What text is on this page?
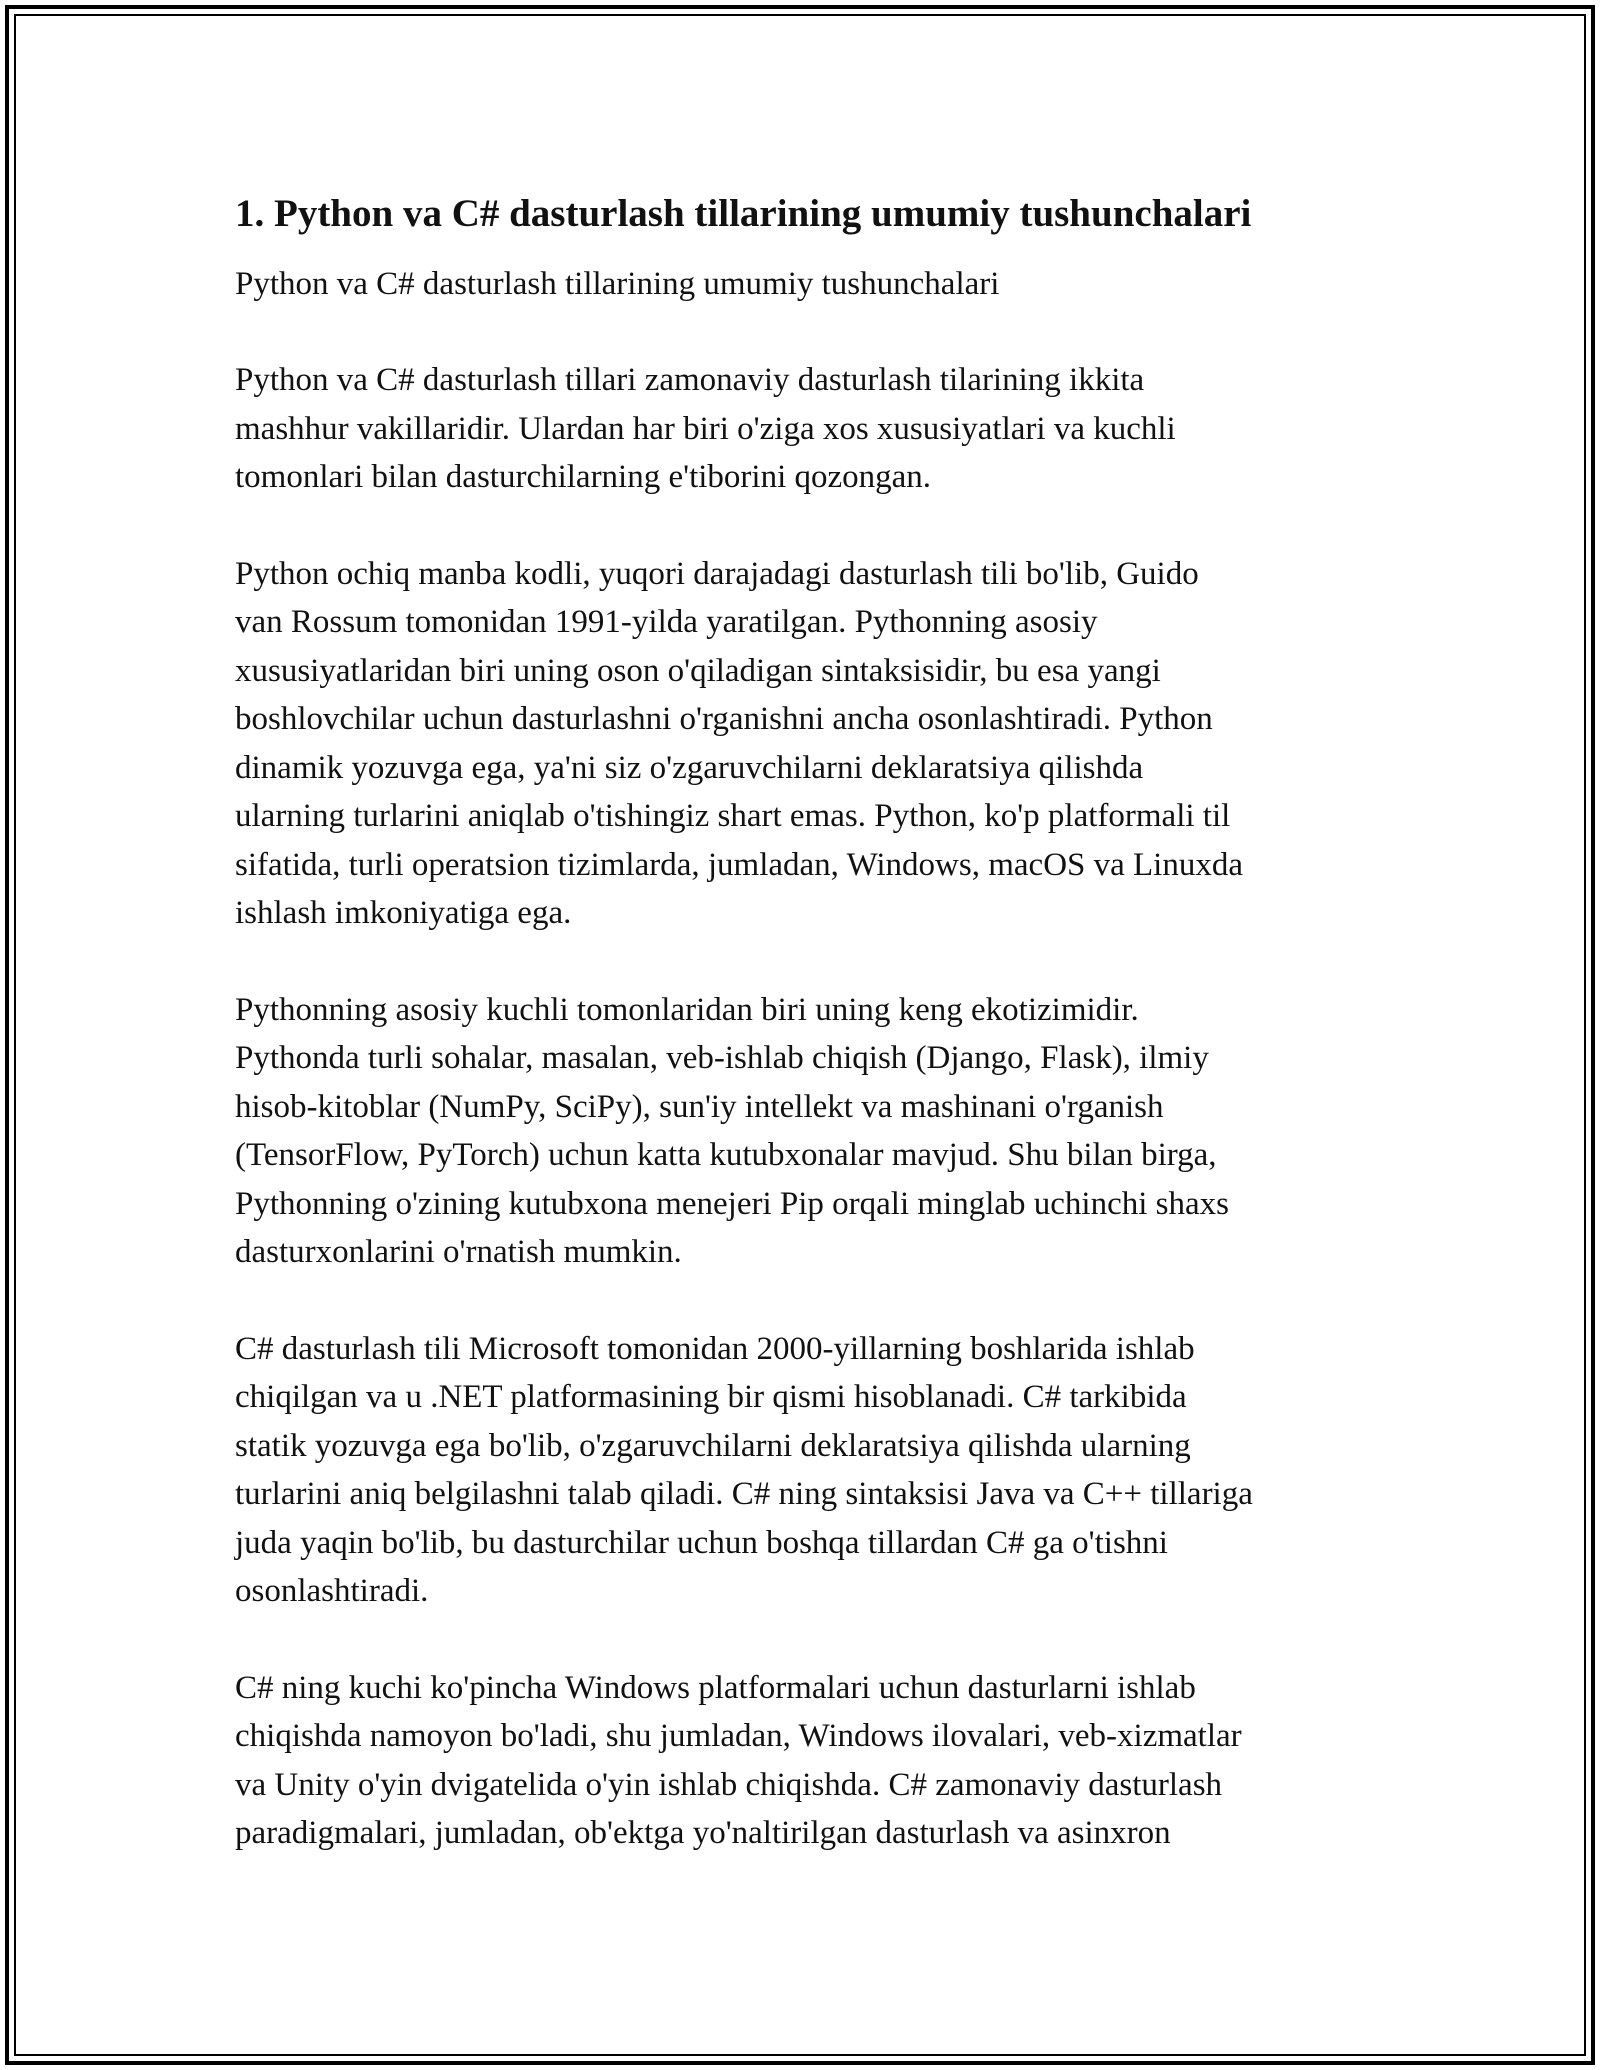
1. Python va C# dasturlash tillarining umumiy tushunchalari

Python va C# dasturlash tillarining umumiy tushunchalari

Python va C# dasturlash tillari zamonaviy dasturlash tilarining ikkita
mashhur vakillaridir. Ulardan har biri o'ziga xos xususiyatlari va kuchli
tomonlari bilan dasturchilarning e'tiborini qozongan.

Python ochiq manba kodli, yuqori darajadagi dasturlash tili bo'lib, Guido
van Rossum tomonidan 1991-yilda yaratilgan. Pythonning asosiy
xususiyatlaridan biri uning oson o'qiladigan sintaksisidir, bu esa yangi
boshlovchilar uchun dasturlashni o'rganishni ancha osonlashtiradi. Python
dinamik yozuvga ega, ya'ni siz o'zgaruvchilarni deklaratsiya qilishda
ularning turlarini aniqlab o'tishingiz shart emas. Python, ko'p platformali til
sifatida, turli operatsion tizimlarda, jumladan, Windows, macOS va Linuxda
ishlash imkoniyatiga ega.

Pythonning asosiy kuchli tomonlaridan biri uning keng ekotizimidir.
Pythonda turli sohalar, masalan, veb-ishlab chiqish (Django, Flask), ilmiy
hisob-kitoblar (NumPy, SciPy), sun'iy intellekt va mashinani o'rganish
(TensorFlow, PyTorch) uchun katta kutubxonalar mavjud. Shu bilan birga,
Pythonning o'zining kutubxona menejeri Pip orqali minglab uchinchi shaxs
dasturxonlarini o'rnatish mumkin.

C# dasturlash tili Microsoft tomonidan 2000-yillarning boshlarida ishlab
chiqilgan va u .NET platformasining bir qismi hisoblanadi. C# tarkibida
statik yozuvga ega bo'lib, o'zgaruvchilarni deklaratsiya qilishda ularning
turlarini aniq belgilashni talab qiladi. C# ning sintaksisi Java va C++ tillariga
juda yaqin bo'lib, bu dasturchilar uchun boshqa tillardan C# ga o'tishni
osonlashtiradi.

C# ning kuchi ko'pincha Windows platformalari uchun dasturlarni ishlab
chiqishda namoyon bo'ladi, shu jumladan, Windows ilovalari, veb-xizmatlar
va Unity o'yin dvigatelida o'yin ishlab chiqishda. C# zamonaviy dasturlash
paradigmalari, jumladan, ob'ektga yo'naltirilgan dasturlash va asinxron
